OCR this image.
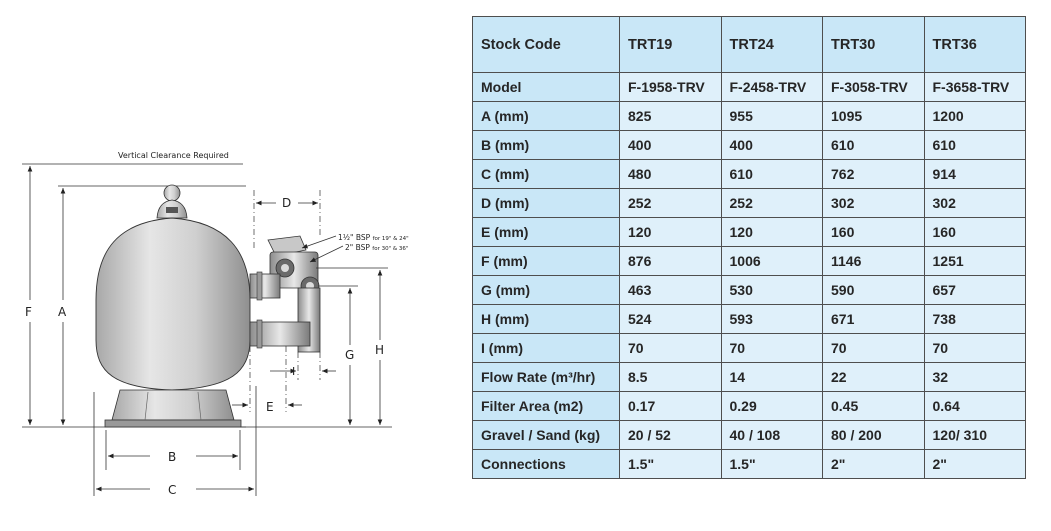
Vertical Clearance Required
F A
1½" BSP for 19" & 24"
2" BSP for 30" & 36"
D
G H
I
E
B
C
Stock Code	TRT19	TRT24	TRT30	TRT36
Model	F-1958-TRV	F-2458-TRV	F-3058-TRV	F-3658-TRV
A (mm)	825	955	1095	1200
B (mm)	400	400	610	610
C (mm)	480	610	762	914
D (mm)	252	252	302	302
E (mm)	120	120	160	160
F (mm)	876	1006	1146	1251
G (mm)	463	530	590	657
H (mm)	524	593	671	738
I (mm)	70	70	70	70
Flow Rate (m³/hr)	8.5	14	22	32
Filter Area (m2)	0.17	0.29	0.45	0.64
Gravel / Sand (kg)	20 / 52	40 / 108	80 / 200	120/ 310
Connections	1.5"	1.5"	2"	2"
